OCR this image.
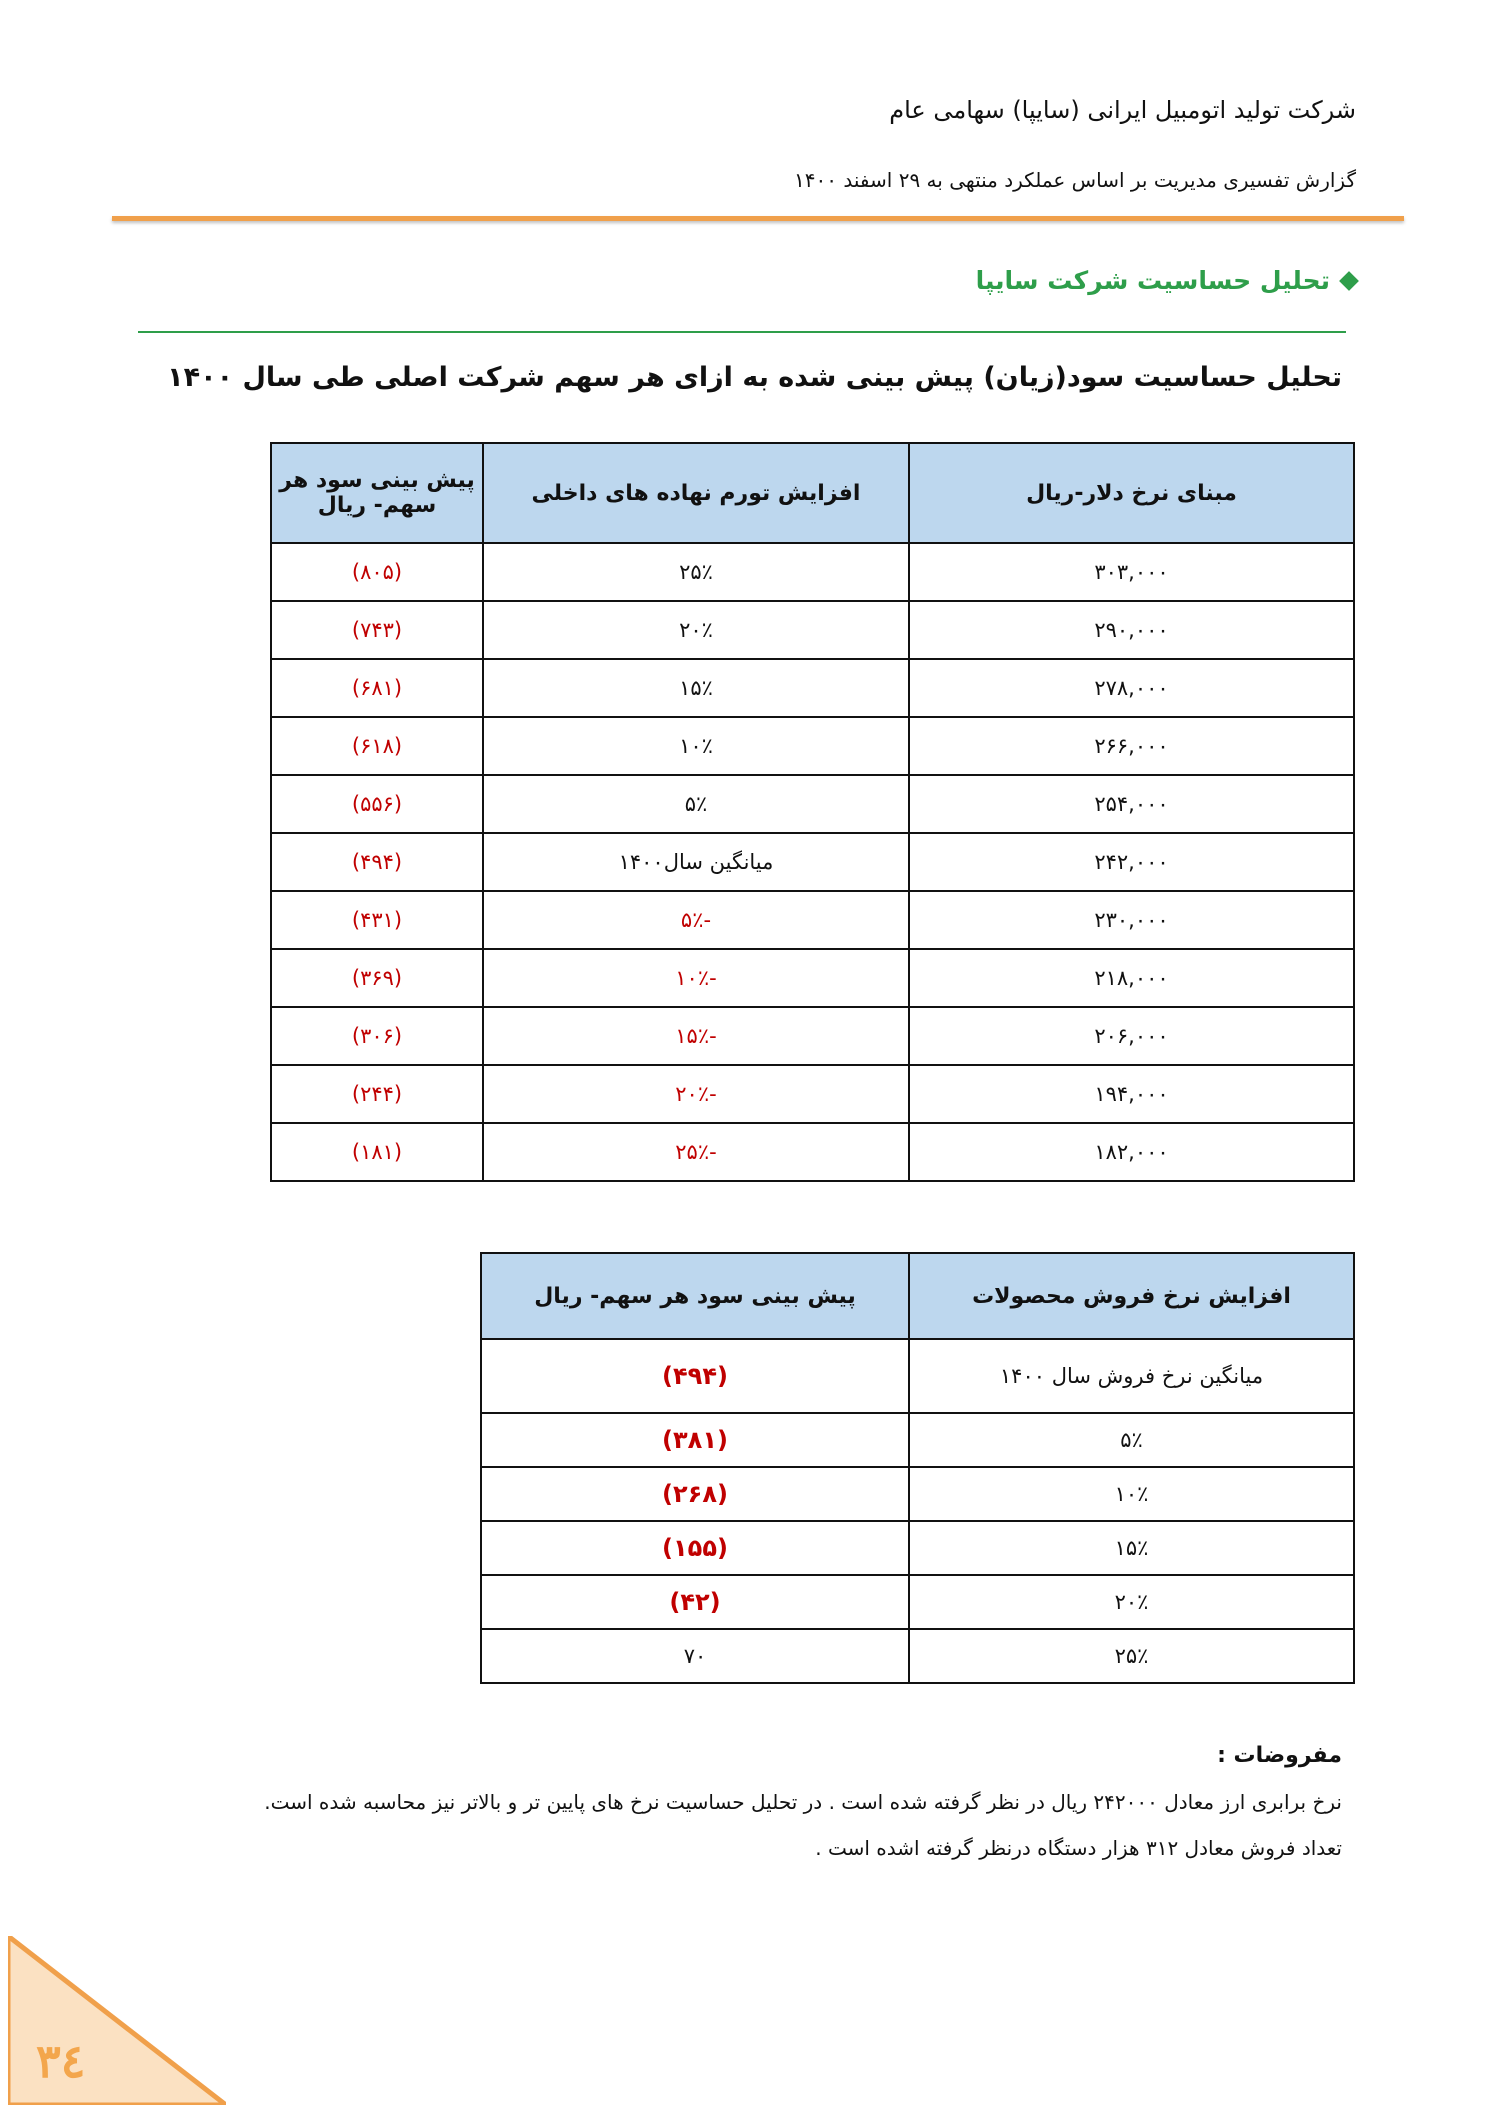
شرکت تولید اتومبیل ایرانی (سایپا) سهامی عام
گزارش تفسیری مدیریت بر اساس عملکرد منتهی به ۲۹ اسفند ۱۴۰۰
تحلیل حساسیت شرکت سایپا
تحلیل حساسیت سود(زیان) پیش بینی شده به ازای هر سهم شرکت اصلی طی سال ۱۴۰۰
مبنای نرخ دلار-ریال	افزایش تورم نهاده های داخلی	پیش بینی سود هر سهم- ریال
۳۰۳,۰۰۰	۲۵٪	(۸۰۵)
۲۹۰,۰۰۰	۲۰٪	(۷۴۳)
۲۷۸,۰۰۰	۱۵٪	(۶۸۱)
۲۶۶,۰۰۰	۱۰٪	(۶۱۸)
۲۵۴,۰۰۰	۵٪	(۵۵۶)
۲۴۲,۰۰۰	میانگین سال۱۴۰۰	(۴۹۴)
۲۳۰,۰۰۰	-۵٪	(۴۳۱)
۲۱۸,۰۰۰	-۱۰٪	(۳۶۹)
۲۰۶,۰۰۰	-۱۵٪	(۳۰۶)
۱۹۴,۰۰۰	-۲۰٪	(۲۴۴)
۱۸۲,۰۰۰	-۲۵٪	(۱۸۱)
افزایش نرخ فروش محصولات	پیش بینی سود هر سهم- ریال
میانگین نرخ فروش سال ۱۴۰۰	(۴۹۴)
۵٪	(۳۸۱)
۱۰٪	(۲۶۸)
۱۵٪	(۱۵۵)
۲۰٪	(۴۲)
۲۵٪	۷۰
مفروضات :
نرخ برابری ارز معادل ۲۴۲۰۰۰ ریال در نظر گرفته شده است . در تحلیل حساسیت نرخ های پایین تر و بالاتر نیز محاسبه شده است.
تعداد فروش معادل ۳۱۲ هزار دستگاه درنظر گرفته اشده است .
۳٤
